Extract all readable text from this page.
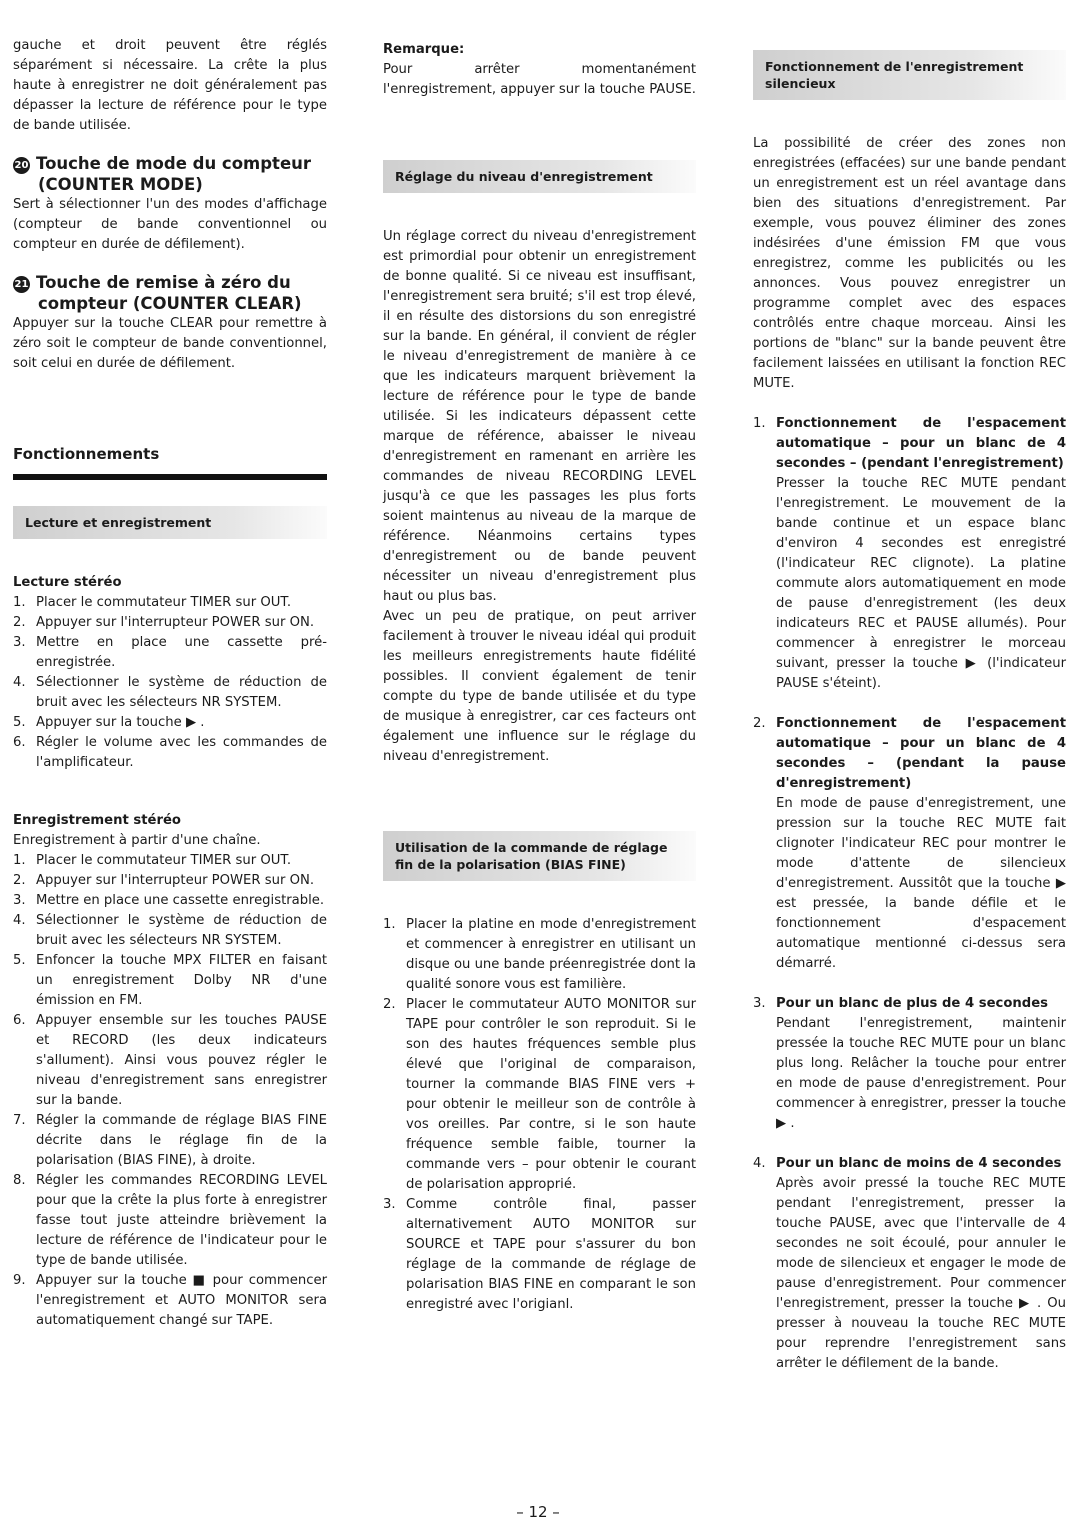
gauche et droit peuvent être réglés séparément si nécessaire. La crête la plus haute à enregistrer ne doit généralement pas dépasser la lecture de référence pour le type de bande utilisée.

20 Touche de mode du compteur
(COUNTER MODE)

Sert à sélectionner l'un des modes d'affichage (compteur de bande conventionnel ou compteur en durée de défilement).

21 Touche de remise à zéro du
compteur (COUNTER CLEAR)

Appuyer sur la touche CLEAR pour remettre à zéro soit le compteur de bande conventionnel, soit celui en durée de défilement.

Fonctionnements
Lecture et enregistrement
Lecture stéréo
1. Placer le commutateur TIMER sur OUT.
2. Appuyer sur l'interrupteur POWER sur ON.
3. Mettre en place une cassette pré-enregistrée.
4. Sélectionner le système de réduction de bruit avec les sélecteurs NR SYSTEM.
5. Appuyer sur la touche ▶ .
6. Régler le volume avec les commandes de l'amplificateur.
Enregistrement stéréo

Enregistrement à partir d'une chaîne.

1. Placer le commutateur TIMER sur OUT.
2. Appuyer sur l'interrupteur POWER sur ON.
3. Mettre en place une cassette enregistrable.
4. Sélectionner le système de réduction de bruit avec les sélecteurs NR SYSTEM.
5. Enfoncer la touche MPX FILTER en faisant un enregistrement Dolby NR d'une émission en FM.
6. Appuyer ensemble sur les touches PAUSE et RECORD (les deux indicateurs s'allument). Ainsi vous pouvez régler le niveau d'enregistrement sans enregistrer sur la bande.
7. Régler la commande de réglage BIAS FINE décrite dans le réglage fin de la polarisation (BIAS FINE), à droite.
8. Régler les commandes RECORDING LEVEL pour que la crête la plus forte à enregistrer fasse tout juste atteindre brièvement la lecture de référence de l'indicateur pour le type de bande utilisée.
9. Appuyer sur la touche ■ pour commencer l'enregistrement et AUTO MONITOR sera automatiquement changé sur TAPE.
Remarque:

Pour arrêter momentanément l'enregistrement, appuyer sur la touche PAUSE.

Réglage du niveau d'enregistrement

Un réglage correct du niveau d'enregistrement est primordial pour obtenir un enregistrement de bonne qualité. Si ce niveau est insuffisant, l'enregistrement sera bruité; s'il est trop élevé, il en résulte des distorsions du son enregistré sur la bande. En général, il convient de régler le niveau d'enregistrement de manière à ce que les indicateurs marquent brièvement la lecture de référence pour le type de bande utilisée. Si les indicateurs dépassent cette marque de référence, abaisser le niveau d'enregistrement en ramenant en arrière les commandes de niveau RECORDING LEVEL jusqu'à ce que les passages les plus forts soient maintenus au niveau de la marque de référence. Néanmoins certains types d'enregistrement ou de bande peuvent nécessiter un niveau d'enregistrement plus haut ou plus bas.

Avec un peu de pratique, on peut arriver facilement à trouver le niveau idéal qui produit les meilleurs enregistrements haute fidélité possibles. Il convient également de tenir compte du type de bande utilisée et du type de musique à enregistrer, car ces facteurs ont également une influence sur le réglage du niveau d'enregistrement.

Utilisation de la commande de réglage fin de la polarisation (BIAS FINE)
1. Placer la platine en mode d'enregistrement et commencer à enregistrer en utilisant un disque ou une bande préenregistrée dont la qualité sonore vous est familière.
2. Placer le commutateur AUTO MONITOR sur TAPE pour contrôler le son reproduit. Si le son des hautes fréquences semble plus élevé que l'original de comparaison, tourner la commande BIAS FINE vers + pour obtenir le meilleur son de contrôle à vos oreilles. Par contre, si le son haute fréquence semble faible, tourner la commande vers – pour obtenir le courant de polarisation approprié.
3. Comme contrôle final, passer alternativement AUTO MONITOR sur SOURCE et TAPE pour s'assurer du bon réglage de la commande de réglage de polarisation BIAS FINE en comparant le son enregistré avec l'origianl.
Fonctionnement de l'enregistrement silencieux

La possibilité de créer des zones non enregistrées (effacées) sur une bande pendant un enregistrement est un réel avantage dans bien des situations d'enregistrement. Par exemple, vous pouvez éliminer des zones indésirées d'une émission FM que vous enregistrez, comme les publicités ou les annonces. Vous pouvez enregistrer un programme complet avec des espaces contrôlés entre chaque morceau. Ainsi les portions de "blanc" sur la bande peuvent être facilement laissées en utilisant la fonction REC MUTE.

1. Fonctionnement de l'espacement automatique – pour un blanc de 4 secondes – (pendant l'enregistrement)
Presser la touche REC MUTE pendant l'enregistrement. Le mouvement de la bande continue et un espace blanc d'environ 4 secondes est enregistré (l'indicateur REC clignote). La platine commute alors automatiquement en mode de pause d'enregistrement (les deux indicateurs REC et PAUSE allumés). Pour commencer à enregistrer le morceau suivant, presser la touche ▶ (l'indicateur PAUSE s'éteint).
2. Fonctionnement de l'espacement automatique – pour un blanc de 4 secondes – (pendant la pause d'enregistrement)
En mode de pause d'enregistrement, une pression sur la touche REC MUTE fait clignoter l'indicateur REC pour montrer le mode d'attente de silencieux d'enregistrement. Aussitôt que la touche ▶ est pressée, la bande défile et le fonctionnement d'espacement automatique mentionné ci-dessus sera démarré.
3. Pour un blanc de plus de 4 secondes
Pendant l'enregistrement, maintenir pressée la touche REC MUTE pour un blanc plus long. Relâcher la touche pour entrer en mode de pause d'enregistrement. Pour commencer à enregistrer, presser la touche ▶ .
4. Pour un blanc de moins de 4 secondes
Après avoir pressé la touche REC MUTE pendant l'enregistrement, presser la touche PAUSE, avec que l'intervalle de 4 secondes ne soit écoulé, pour annuler le mode de silencieux et engager le mode de pause d'enregistrement. Pour commencer l'enregistrement, presser la touche ▶ . Ou presser à nouveau la touche REC MUTE pour reprendre l'enregistrement sans arrêter le défilement de la bande.
– 12 –
